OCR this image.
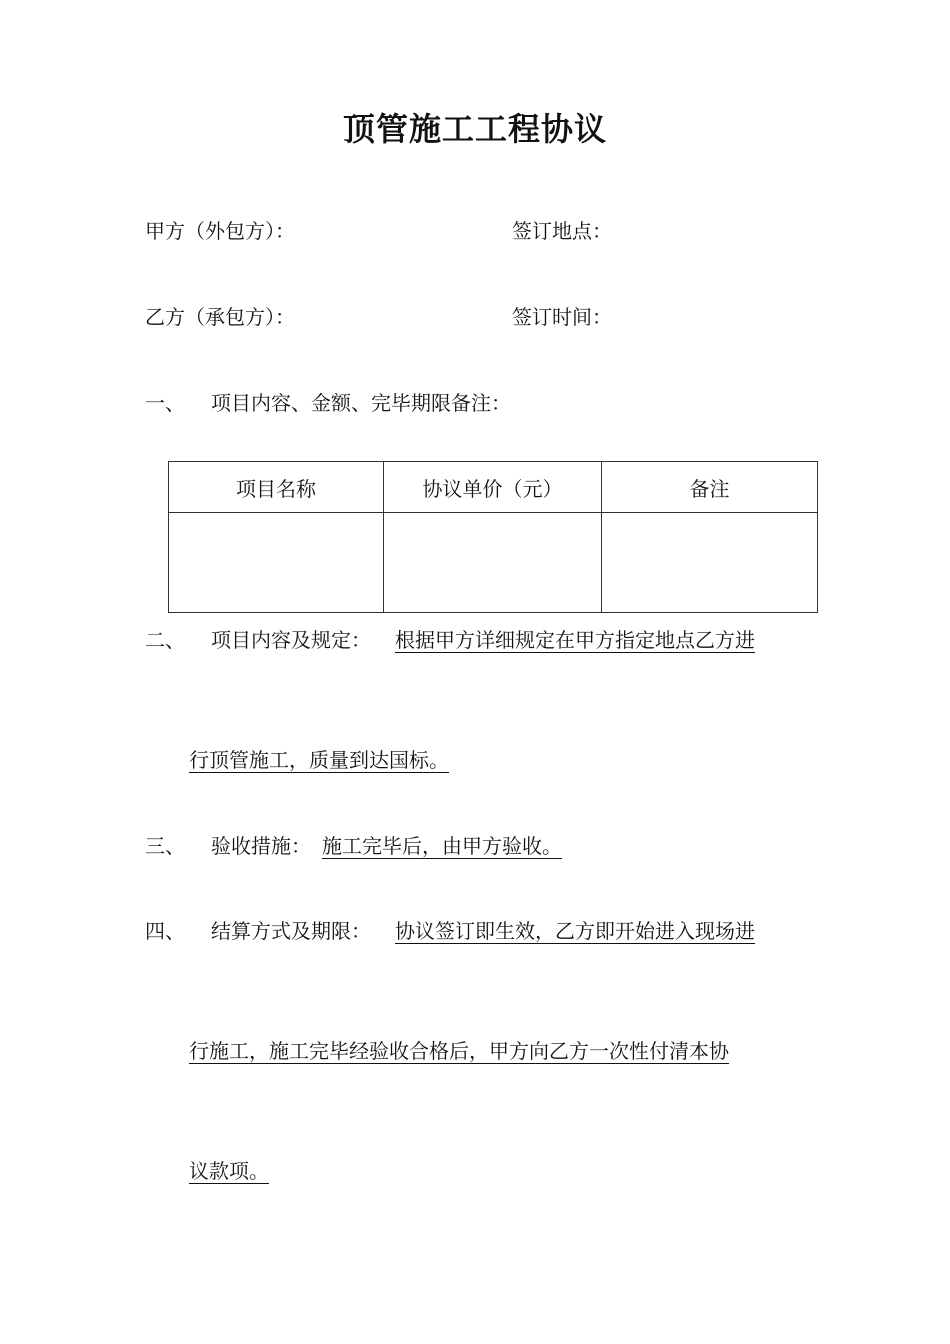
顶管施工工程协议
甲方（外包方）：	签订地点：
乙方（承包方）：	签订时间：
一、 项目内容、金额、完毕期限备注：
项目名称	协议单价（元）	备注

二、 项目内容及规定： 根据甲方详细规定在甲方指定地点乙方进
行顶管施工，质量到达国标。
三、 验收措施： 施工完毕后，由甲方验收。
四、 结算方式及期限： 协议签订即生效，乙方即开始进入现场进
行施工，施工完毕经验收合格后，甲方向乙方一次性付清本协
议款项。
